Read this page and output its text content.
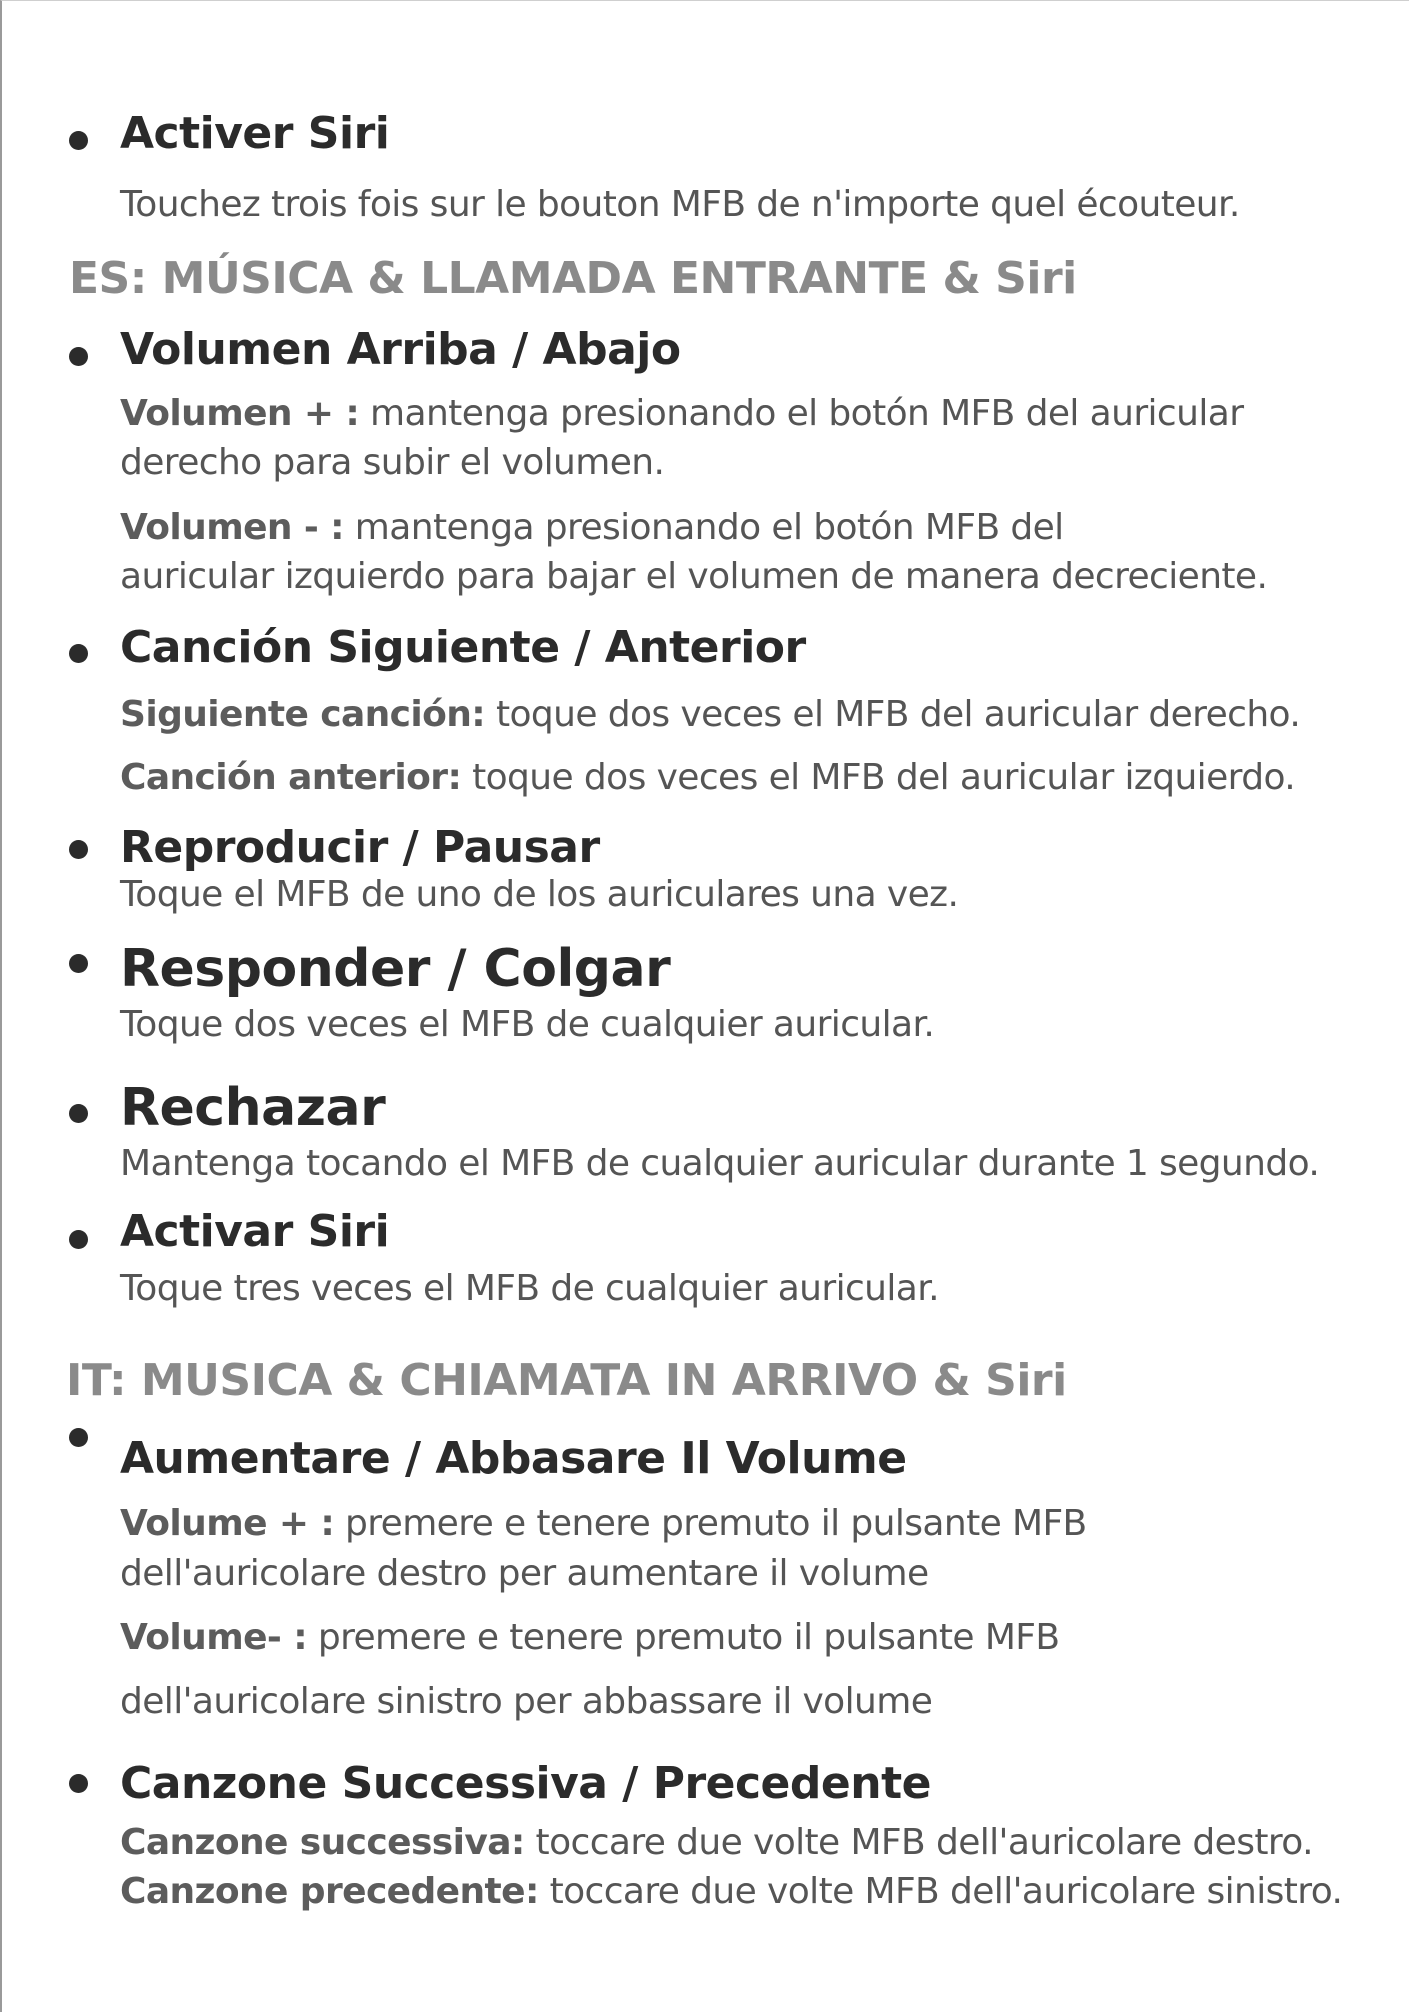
Activer Siri
Touchez trois fois sur le bouton MFB de n'importe quel écouteur.
ES: MÚSICA & LLAMADA ENTRANTE & Siri
Volumen Arriba / Abajo
Volumen + : mantenga presionando el botón MFB del auricular
derecho para subir el volumen.
Volumen - : mantenga presionando el botón MFB del
auricular izquierdo para bajar el volumen de manera decreciente.
Canción Siguiente / Anterior
Siguiente canción: toque dos veces el MFB del auricular derecho.
Canción anterior: toque dos veces el MFB del auricular izquierdo.
Reproducir / Pausar
Toque el MFB de uno de los auriculares una vez.
Responder / Colgar
Toque dos veces el MFB de cualquier auricular.
Rechazar
Mantenga tocando el MFB de cualquier auricular durante 1 segundo.
Activar Siri
Toque tres veces el MFB de cualquier auricular.
IT: MUSICA & CHIAMATA IN ARRIVO & Siri
Aumentare / Abbasare Il Volume
Volume + : premere e tenere premuto il pulsante MFB
dell'auricolare destro per aumentare il volume
Volume- : premere e tenere premuto il pulsante MFB
dell'auricolare sinistro per abbassare il volume
Canzone Successiva / Precedente
Canzone successiva: toccare due volte MFB dell'auricolare destro.
Canzone precedente: toccare due volte MFB dell'auricolare sinistro.
